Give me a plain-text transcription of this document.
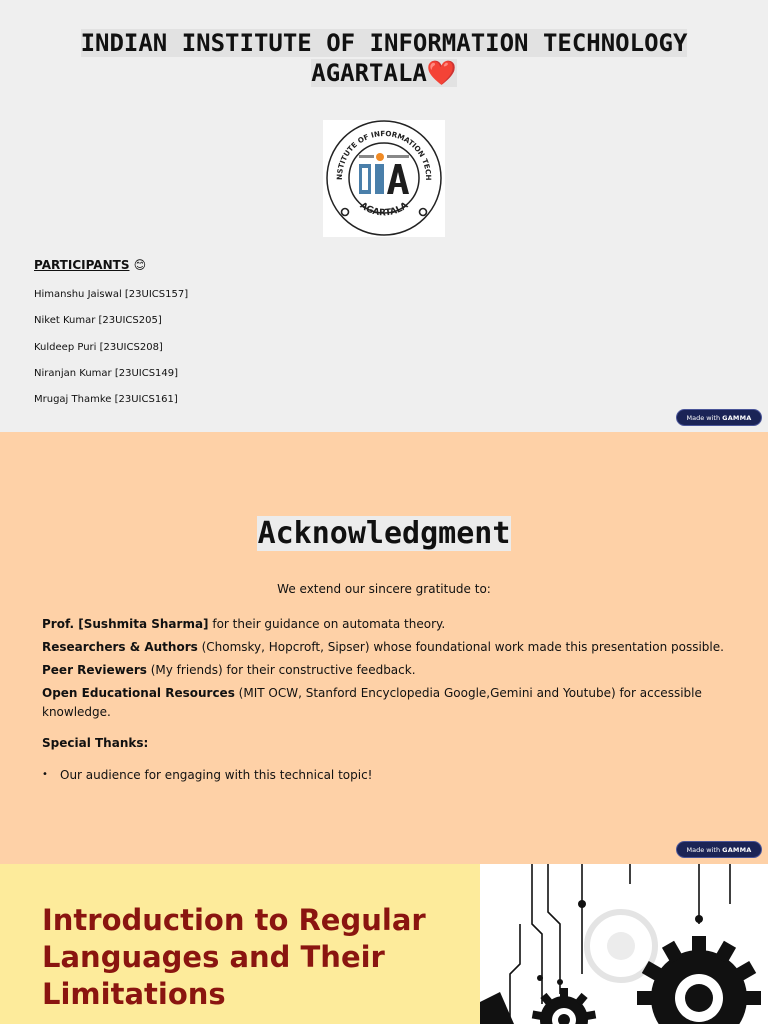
INDIAN INSTITUTE OF INFORMATION TECHNOLOGY
AGARTALA❤️
NSTITUTE OF INFORMATION TECH
AGARTALA
PARTICIPANTS 😊
Himanshu Jaiswal [23UICS157]
Niket Kumar [23UICS205]
Kuldeep Puri [23UICS208]
Niranjan Kumar [23UICS149]
Mrugaj Thamke [23UICS161]
Made with GAMMA
Acknowledgment

We extend our sincere gratitude to:

Prof. [Sushmita Sharma] for their guidance on automata theory.

Researchers & Authors (Chomsky, Hopcroft, Sipser) whose foundational work made this presentation possible.

Peer Reviewers (My friends) for their constructive feedback.

Open Educational Resources (MIT OCW, Stanford Encyclopedia Google,Gemini and Youtube) for accessible knowledge.

Special Thanks:
• Our audience for engaging with this technical topic!
Made with GAMMA
Introduction to Regular Languages and Their Limitations
